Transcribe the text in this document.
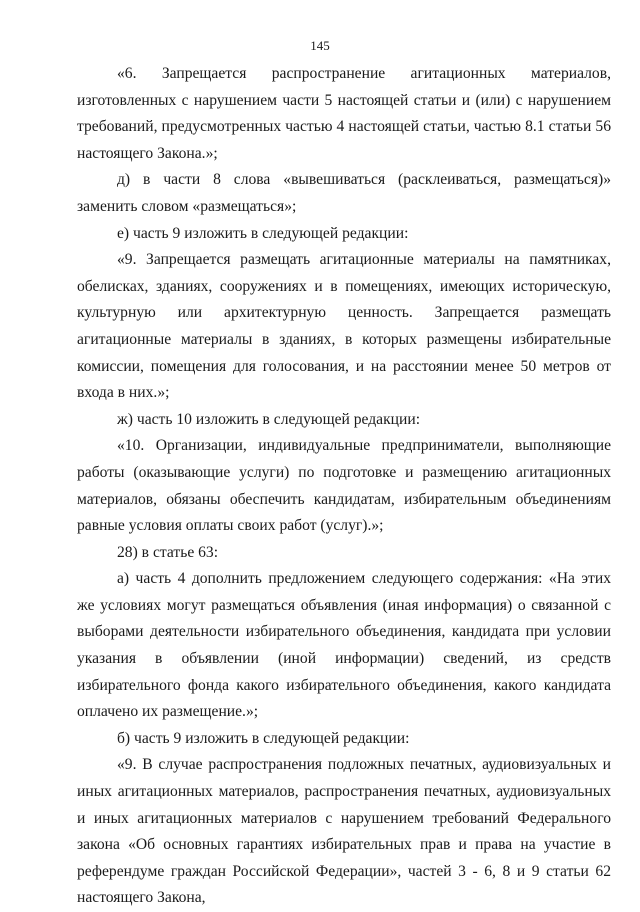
145

«6. Запрещается распространение агитационных материалов, изготовленных с нарушением части 5 настоящей статьи и (или) с нарушением требований, предусмотренных частью 4 настоящей статьи, частью 8.1 статьи 56 настоящего Закона.»;

д) в части 8 слова «вывешиваться (расклеиваться, размещаться)» заменить словом «размещаться»;

е) часть 9 изложить в следующей редакции:

«9. Запрещается размещать агитационные материалы на памятниках, обелисках, зданиях, сооружениях и в помещениях, имеющих историческую, культурную или архитектурную ценность. Запрещается размещать агитационные материалы в зданиях, в которых размещены избирательные комиссии, помещения для голосования, и на расстоянии менее 50 метров от входа в них.»;

ж) часть 10 изложить в следующей редакции:

«10. Организации, индивидуальные предприниматели, выполняющие работы (оказывающие услуги) по подготовке и размещению агитационных материалов, обязаны обеспечить кандидатам, избирательным объединениям равные условия оплаты своих работ (услуг).»;

28) в статье 63:

а) часть 4 дополнить предложением следующего содержания: «На этих же условиях могут размещаться объявления (иная информация) о связанной с выборами деятельности избирательного объединения, кандидата при условии указания в объявлении (иной информации) сведений, из средств избирательного фонда какого избирательного объединения, какого кандидата оплачено их размещение.»;

б) часть 9 изложить в следующей редакции:

«9. В случае распространения подложных печатных, аудиовизуальных и иных агитационных материалов, распространения печатных, аудиовизуальных и иных агитационных материалов с нарушением требований Федерального закона «Об основных гарантиях избирательных прав и права на участие в референдуме граждан Российской Федерации», частей 3 - 6, 8 и 9 статьи 62 настоящего Закона,
